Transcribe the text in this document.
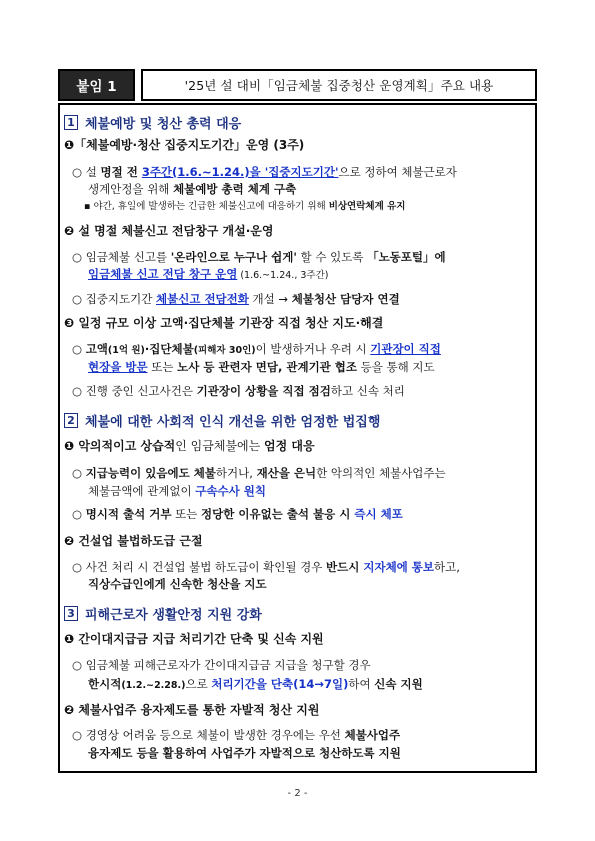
붙임 1	'25년 설 대비「임금체불 집중청산 운영계획」주요 내용
1 체불예방 및 청산 총력 대응
❶「체불예방·청산 집중지도기간」운영 (3주)
○ 설 명절 전 3주간(1.6.~1.24.)을 '집중지도기간'으로 정하여 체불근로자
생계안정을 위해 체불예방 총력 체계 구축
▪ 야간, 휴일에 발생하는 긴급한 체불신고에 대응하기 위해 비상연락체계 유지
❷ 설 명절 체불신고 전담창구 개설·운영
○ 임금체불 신고를 '온라인으로 누구나 쉽게' 할 수 있도록 「노동포털」에
임금체불 신고 전담 창구 운영 (1.6.~1.24., 3주간)
○ 집중지도기간 체불신고 전담전화 개설 → 체불청산 담당자 연결
❸ 일정 규모 이상 고액·집단체불 기관장 직접 청산 지도·해결
○ 고액(1억 원)·집단체불(피해자 30인)이 발생하거나 우려 시 기관장이 직접
현장을 방문 또는 노사 등 관련자 면담, 관계기관 협조 등을 통해 지도
○ 진행 중인 신고사건은 기관장이 상황을 직접 점검하고 신속 처리
2 체불에 대한 사회적 인식 개선을 위한 엄정한 법집행
❶ 악의적이고 상습적인 임금체불에는 엄정 대응
○ 지급능력이 있음에도 체불하거나, 재산을 은닉한 악의적인 체불사업주는
체불금액에 관계없이 구속수사 원칙
○ 명시적 출석 거부 또는 정당한 이유없는 출석 불응 시 즉시 체포
❷ 건설업 불법하도급 근절
○ 사건 처리 시 건설업 불법 하도급이 확인될 경우 반드시 지자체에 통보하고,
직상수급인에게 신속한 청산을 지도
3 피해근로자 생활안정 지원 강화
❶ 간이대지급금 지급 처리기간 단축 및 신속 지원
○ 임금체불 피해근로자가 간이대지급금 지급을 청구할 경우
한시적(1.2.~2.28.)으로 처리기간을 단축(14→7일)하여 신속 지원
❷ 체불사업주 융자제도를 통한 자발적 청산 지원
○ 경영상 어려움 등으로 체불이 발생한 경우에는 우선 체불사업주
융자제도 등을 활용하여 사업주가 자발적으로 청산하도록 지원
- 2 -
